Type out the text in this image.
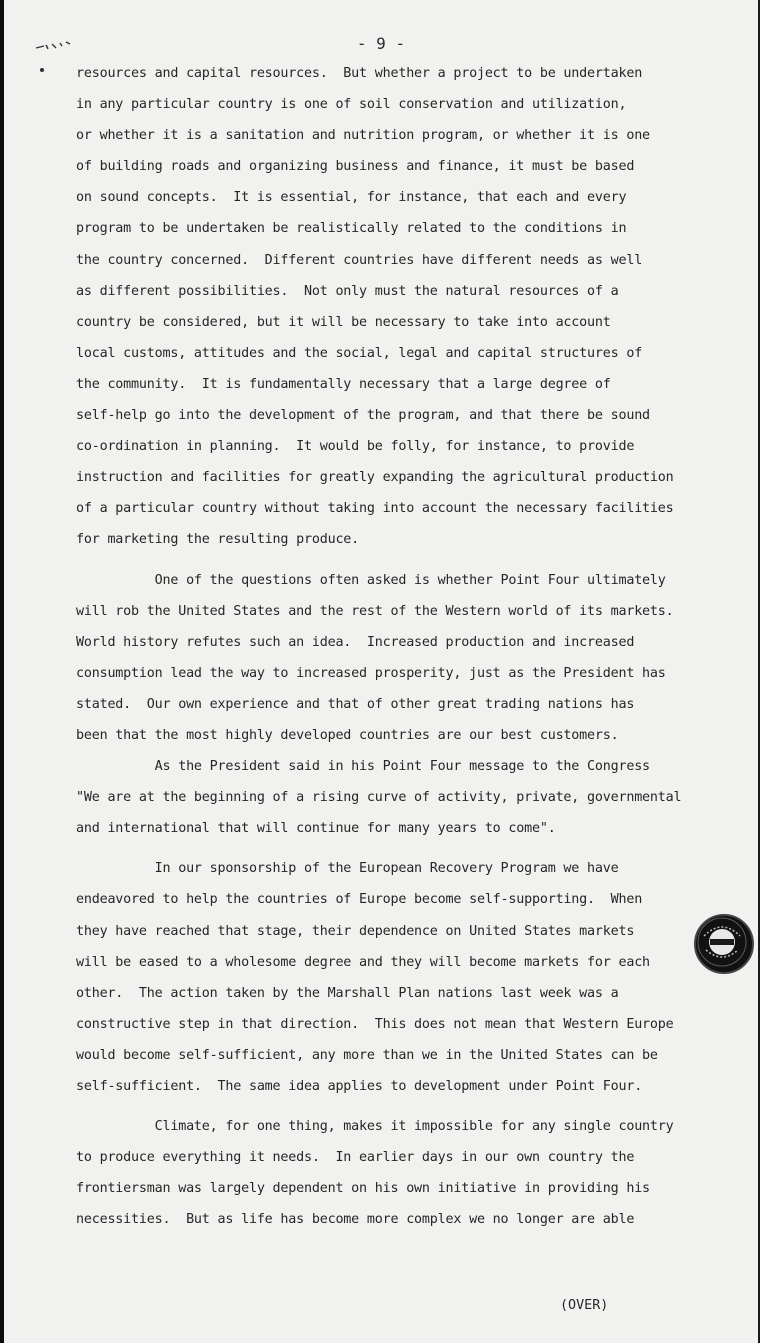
- 9 -
resources and capital resources.  But whether a project to be undertaken
in any particular country is one of soil conservation and utilization,
or whether it is a sanitation and nutrition program, or whether it is one
of building roads and organizing business and finance, it must be based
on sound concepts.  It is essential, for instance, that each and every
program to be undertaken be realistically related to the conditions in
the country concerned.  Different countries have different needs as well
as different possibilities.  Not only must the natural resources of a
country be considered, but it will be necessary to take into account
local customs, attitudes and the social, legal and capital structures of
the community.  It is fundamentally necessary that a large degree of
self-help go into the development of the program, and that there be sound
co-ordination in planning.  It would be folly, for instance, to provide
instruction and facilities for greatly expanding the agricultural production
of a particular country without taking into account the necessary facilities
for marketing the resulting produce.
One of the questions often asked is whether Point Four ultimately
will rob the United States and the rest of the Western world of its markets.
World history refutes such an idea.  Increased production and increased
consumption lead the way to increased prosperity, just as the President has
stated.  Our own experience and that of other great trading nations has
been that the most highly developed countries are our best customers.
As the President said in his Point Four message to the Congress
"We are at the beginning of a rising curve of activity, private, governmental
and international that will continue for many years to come".
In our sponsorship of the European Recovery Program we have
endeavored to help the countries of Europe become self-supporting.  When
they have reached that stage, their dependence on United States markets
will be eased to a wholesome degree and they will become markets for each
other.  The action taken by the Marshall Plan nations last week was a
constructive step in that direction.  This does not mean that Western Europe
would become self-sufficient, any more than we in the United States can be
self-sufficient.  The same idea applies to development under Point Four.
Climate, for one thing, makes it impossible for any single country
to produce everything it needs.  In earlier days in our own country the
frontiersman was largely dependent on his own initiative in providing his
necessities.  But as life has become more complex we no longer are able
(OVER)
